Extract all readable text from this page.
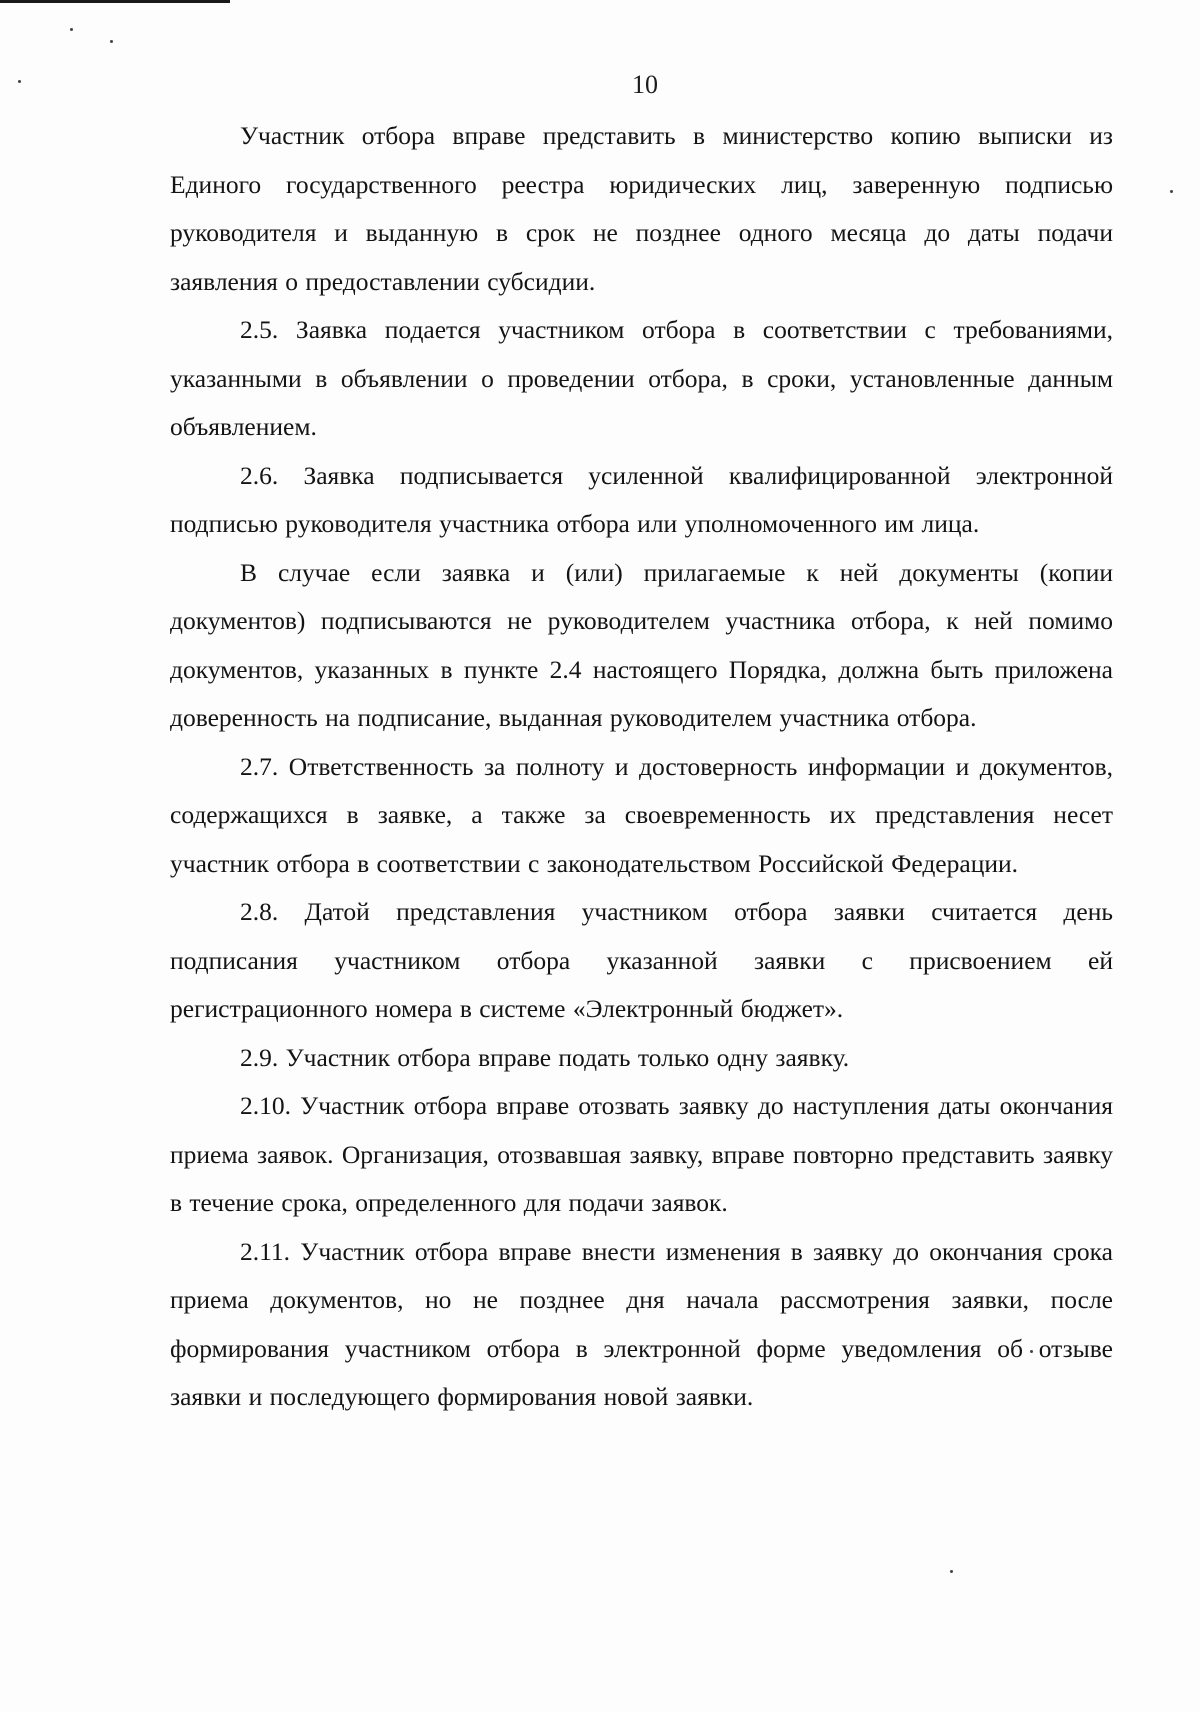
10

Участник отбора вправе представить в министерство копию выписки из Единого государственного реестра юридических лиц, заверенную подписью руководителя и выданную в срок не позднее одного месяца до даты подачи заявления о предоставлении субсидии.

2.5. Заявка подается участником отбора в соответствии с требованиями, указанными в объявлении о проведении отбора, в сроки, установленные данным объявлением.

2.6. Заявка подписывается усиленной квалифицированной электронной подписью руководителя участника отбора или уполномоченного им лица.

В случае если заявка и (или) прилагаемые к ней документы (копии документов) подписываются не руководителем участника отбора, к ней помимо документов, указанных в пункте 2.4 настоящего Порядка, должна быть приложена доверенность на подписание, выданная руководителем участника отбора.

2.7. Ответственность за полноту и достоверность информации и документов, содержащихся в заявке, а также за своевременность их представления несет участник отбора в соответствии с законодательством Российской Федерации.

2.8. Датой представления участником отбора заявки считается день подписания участником отбора указанной заявки с присвоением ей регистрационного номера в системе «Электронный бюджет».

2.9. Участник отбора вправе подать только одну заявку.

2.10. Участник отбора вправе отозвать заявку до наступления даты окончания приема заявок. Организация, отозвавшая заявку, вправе повторно представить заявку в течение срока, определенного для подачи заявок.

2.11. Участник отбора вправе внести изменения в заявку до окончания срока приема документов, но не позднее дня начала рассмотрения заявки, после формирования участником отбора в электронной форме уведомления об отзыве заявки и последующего формирования новой заявки.
